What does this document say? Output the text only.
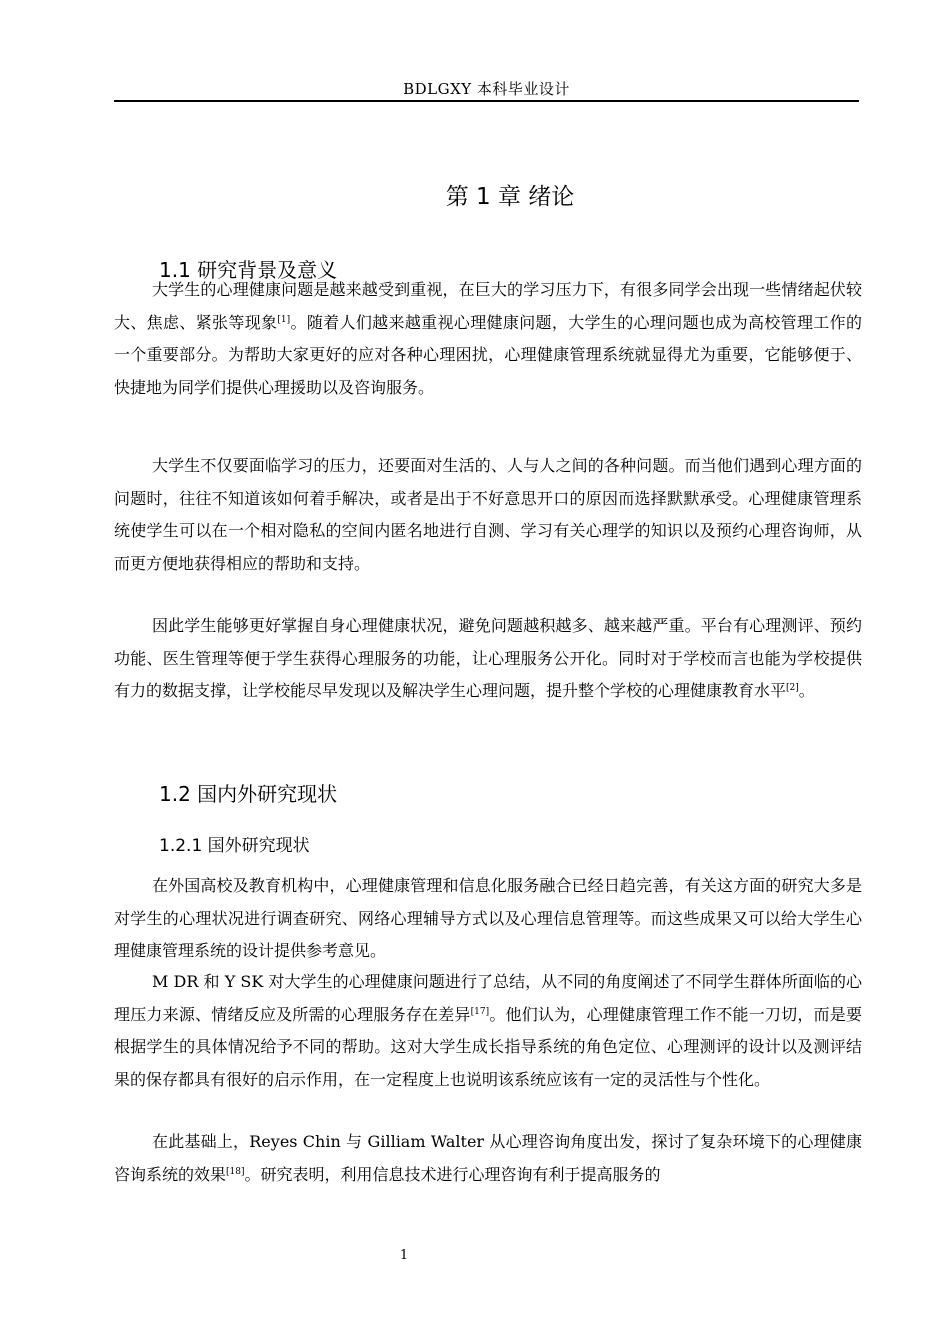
BDLGXY 本科毕业设计
第 1 章 绪论
1.1 研究背景及意义

大学生的心理健康问题是越来越受到重视，在巨大的学习压力下，有很多同学会出现一些情绪起伏较大、焦虑、紧张等现象[1]。随着人们越来越重视心理健康问题，大学生的心理问题也成为高校管理工作的一个重要部分。为帮助大家更好的应对各种心理困扰，心理健康管理系统就显得尤为重要，它能够便于、快捷地为同学们提供心理援助以及咨询服务。

大学生不仅要面临学习的压力，还要面对生活的、人与人之间的各种问题。而当他们遇到心理方面的问题时，往往不知道该如何着手解决，或者是出于不好意思开口的原因而选择默默承受。心理健康管理系统使学生可以在一个相对隐私的空间内匿名地进行自测、学习有关心理学的知识以及预约心理咨询师，从而更方便地获得相应的帮助和支持。

因此学生能够更好掌握自身心理健康状况，避免问题越积越多、越来越严重。平台有心理测评、预约功能、医生管理等便于学生获得心理服务的功能，让心理服务公开化。同时对于学校而言也能为学校提供有力的数据支撑，让学校能尽早发现以及解决学生心理问题，提升整个学校的心理健康教育水平[2]。

1.2 国内外研究现状
1.2.1 国外研究现状

在外国高校及教育机构中，心理健康管理和信息化服务融合已经日趋完善，有关这方面的研究大多是对学生的心理状况进行调查研究、网络心理辅导方式以及心理信息管理等。而这些成果又可以给大学生心理健康管理系统的设计提供参考意见。

M DR 和 Y SK 对大学生的心理健康问题进行了总结，从不同的角度阐述了不同学生群体所面临的心理压力来源、情绪反应及所需的心理服务存在差异[17]。他们认为，心理健康管理工作不能一刀切，而是要根据学生的具体情况给予不同的帮助。这对大学生成长指导系统的角色定位、心理测评的设计以及测评结果的保存都具有很好的启示作用，在一定程度上也说明该系统应该有一定的灵活性与个性化。

在此基础上，Reyes Chin 与 Gilliam Walter 从心理咨询角度出发，探讨了复杂环境下的心理健康咨询系统的效果[18]。研究表明，利用信息技术进行心理咨询有利于提高服务的

1
